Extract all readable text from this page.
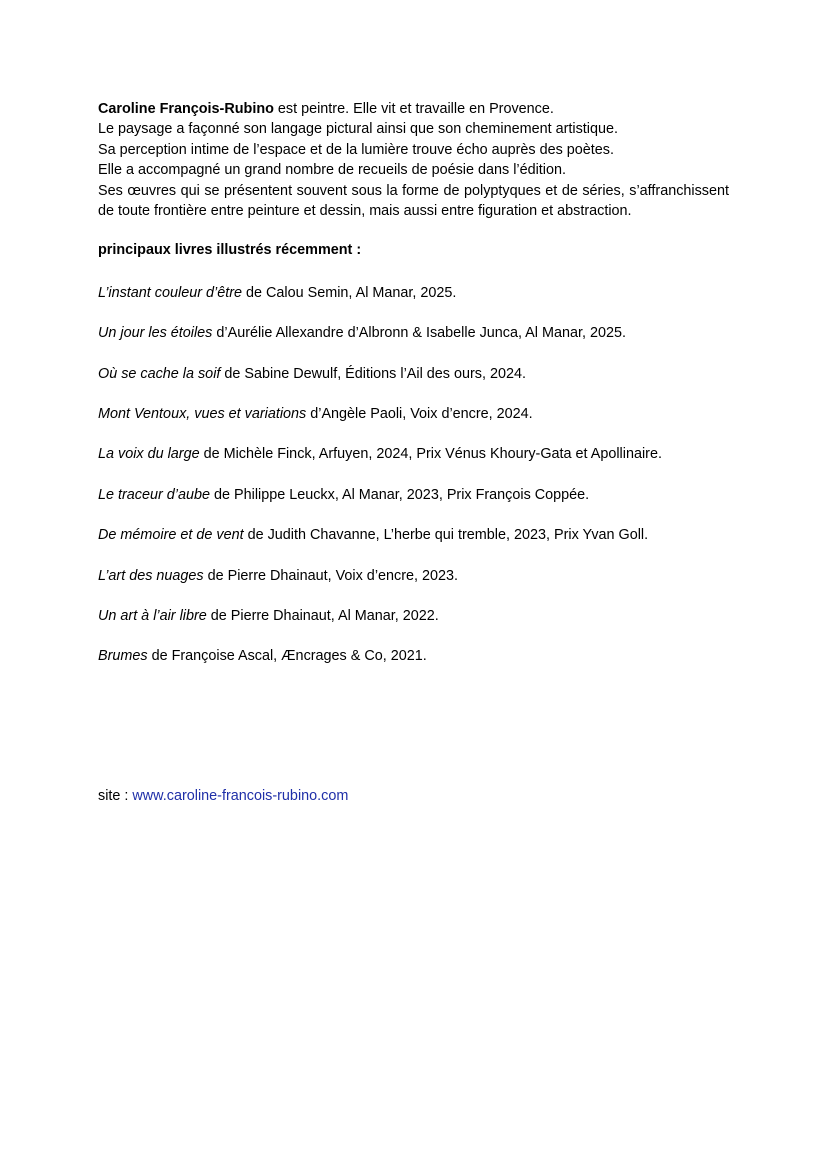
Caroline François-Rubino est peintre. Elle vit et travaille en Provence.

Le paysage a façonné son langage pictural ainsi que son cheminement artistique.

Sa perception intime de l’espace et de la lumière trouve écho auprès des poètes.

Elle a accompagné un grand nombre de recueils de poésie dans l’édition.

Ses œuvres qui se présentent souvent sous la forme de polyptyques et de séries, s’affranchissent de toute frontière entre peinture et dessin, mais aussi entre figuration et abstraction.

principaux livres illustrés récemment :

L’instant couleur d’être de Calou Semin, Al Manar, 2025.
Un jour les étoiles d’Aurélie Allexandre d’Albronn & Isabelle Junca, Al Manar, 2025.
Où se cache la soif de Sabine Dewulf, Éditions l’Ail des ours, 2024.
Mont Ventoux, vues et variations d’Angèle Paoli, Voix d’encre, 2024.
La voix du large de Michèle Finck, Arfuyen, 2024, Prix Vénus Khoury-Gata et Apollinaire.
Le traceur d’aube de Philippe Leuckx, Al Manar, 2023, Prix François Coppée.
De mémoire et de vent de Judith Chavanne, L’herbe qui tremble, 2023, Prix Yvan Goll.
L’art des nuages de Pierre Dhainaut, Voix d’encre, 2023.
Un art à l’air libre de Pierre Dhainaut, Al Manar, 2022.
Brumes de Françoise Ascal, Æncrages & Co, 2021.
site : www.caroline-francois-rubino.com
